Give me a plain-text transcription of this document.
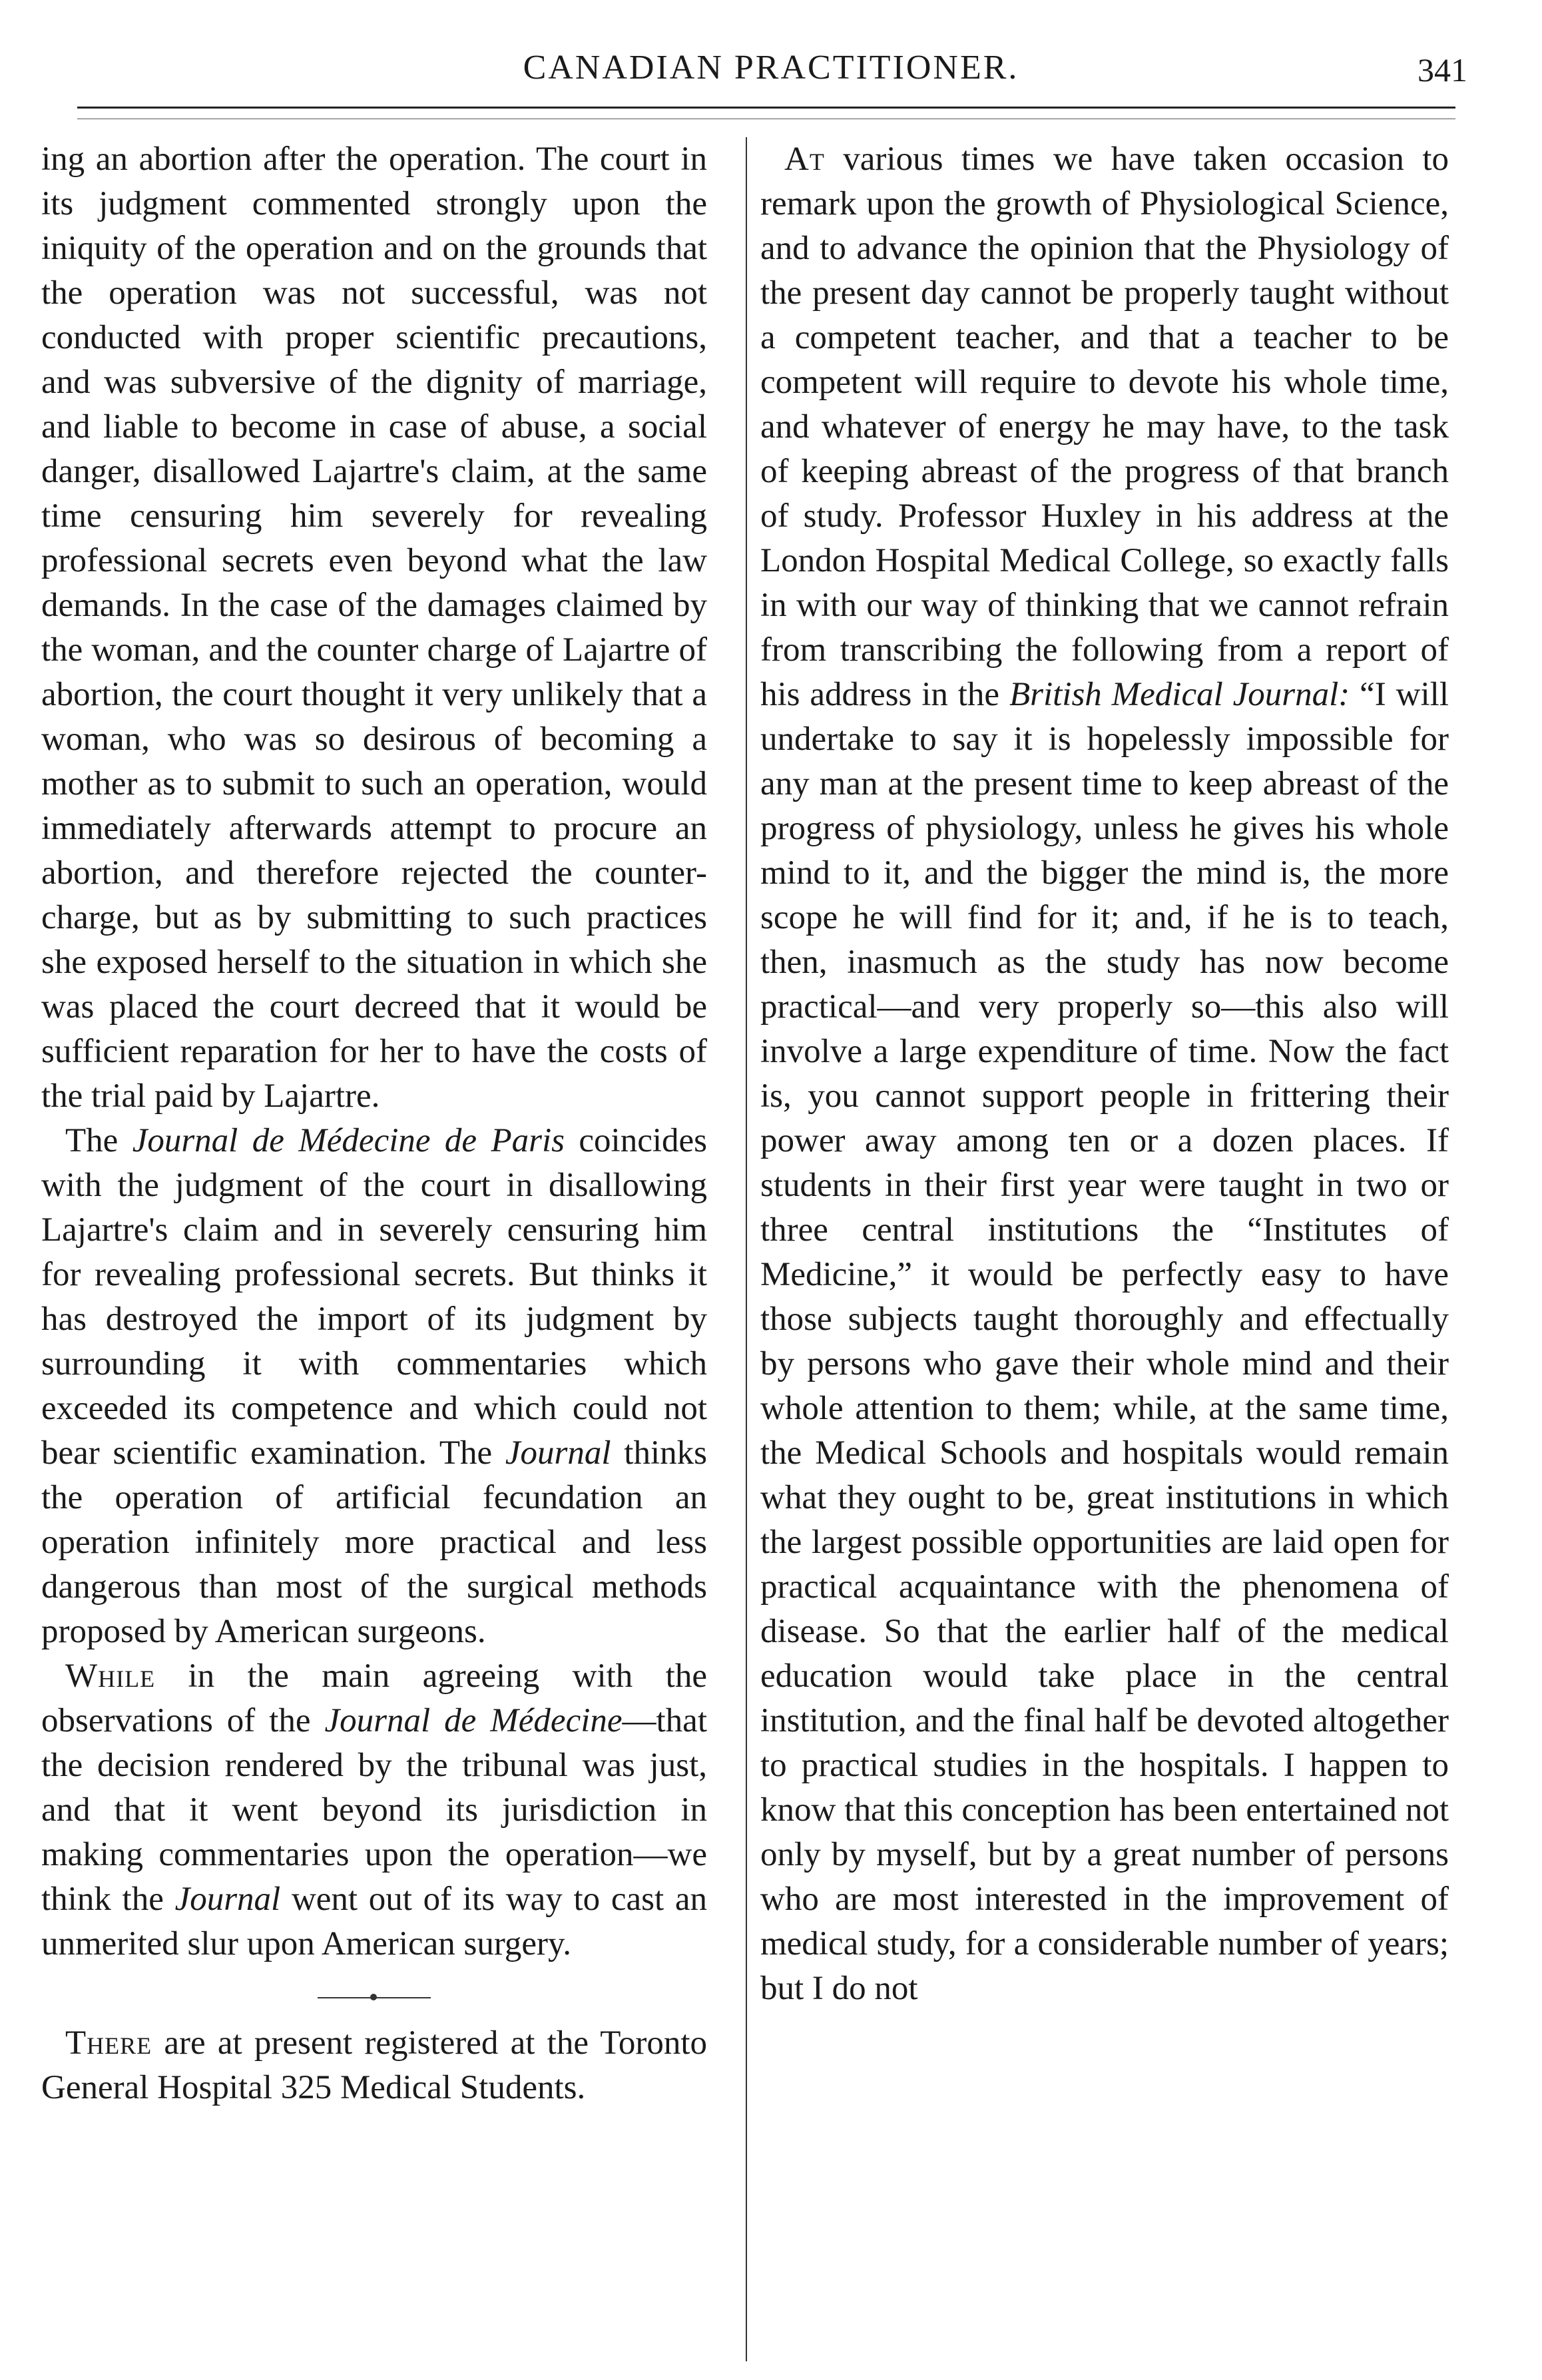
CANADIAN PRACTITIONER.	341

ing an abortion after the operation. The court in its judgment commented strongly upon the iniquity of the operation and on the grounds that the operation was not successful, was not conducted with proper scientific precautions, and was subversive of the dignity of marriage, and liable to become in case of abuse, a social danger, disallowed Lajartre's claim, at the same time censuring him severely for revealing professional secrets even beyond what the law demands. In the case of the damages claimed by the woman, and the counter charge of Lajartre of abortion, the court thought it very unlikely that a woman, who was so desirous of becoming a mother as to submit to such an operation, would immediately afterwards attempt to procure an abortion, and therefore rejected the counter-charge, but as by submitting to such practices she exposed herself to the situation in which she was placed the court decreed that it would be sufficient reparation for her to have the costs of the trial paid by Lajartre.

The Journal de Médecine de Paris coincides with the judgment of the court in disallowing Lajartre's claim and in severely censuring him for revealing professional secrets. But thinks it has destroyed the import of its judgment by surrounding it with commentaries which exceeded its competence and which could not bear scientific examination. The Journal thinks the operation of artificial fecundation an operation infinitely more practical and less dangerous than most of the surgical methods proposed by American surgeons.

While in the main agreeing with the observations of the Journal de Médecine—that the decision rendered by the tribunal was just, and that it went beyond its jurisdiction in making commentaries upon the operation—we think the Journal went out of its way to cast an unmerited slur upon American surgery.

There are at present registered at the Toronto General Hospital 325 Medical Students.

At various times we have taken occasion to remark upon the growth of Physiological Science, and to advance the opinion that the Physiology of the present day cannot be properly taught without a competent teacher, and that a teacher to be competent will require to devote his whole time, and whatever of energy he may have, to the task of keeping abreast of the progress of that branch of study. Professor Huxley in his address at the London Hospital Medical College, so exactly falls in with our way of thinking that we cannot refrain from transcribing the following from a report of his address in the British Medical Journal: “I will undertake to say it is hopelessly impossible for any man at the present time to keep abreast of the progress of physiology, unless he gives his whole mind to it, and the bigger the mind is, the more scope he will find for it; and, if he is to teach, then, inasmuch as the study has now become practical—and very properly so—this also will involve a large expenditure of time. Now the fact is, you cannot support people in frittering their power away among ten or a dozen places. If students in their first year were taught in two or three central institutions the “Institutes of Medicine,” it would be perfectly easy to have those subjects taught thoroughly and effectually by persons who gave their whole mind and their whole attention to them; while, at the same time, the Medical Schools and hospitals would remain what they ought to be, great institutions in which the largest possible opportunities are laid open for practical acquaintance with the phenomena of disease. So that the earlier half of the medical education would take place in the central institution, and the final half be devoted altogether to practical studies in the hospitals. I happen to know that this conception has been entertained not only by myself, but by a great number of persons who are most interested in the improvement of medical study, for a considerable number of years; but I do not
